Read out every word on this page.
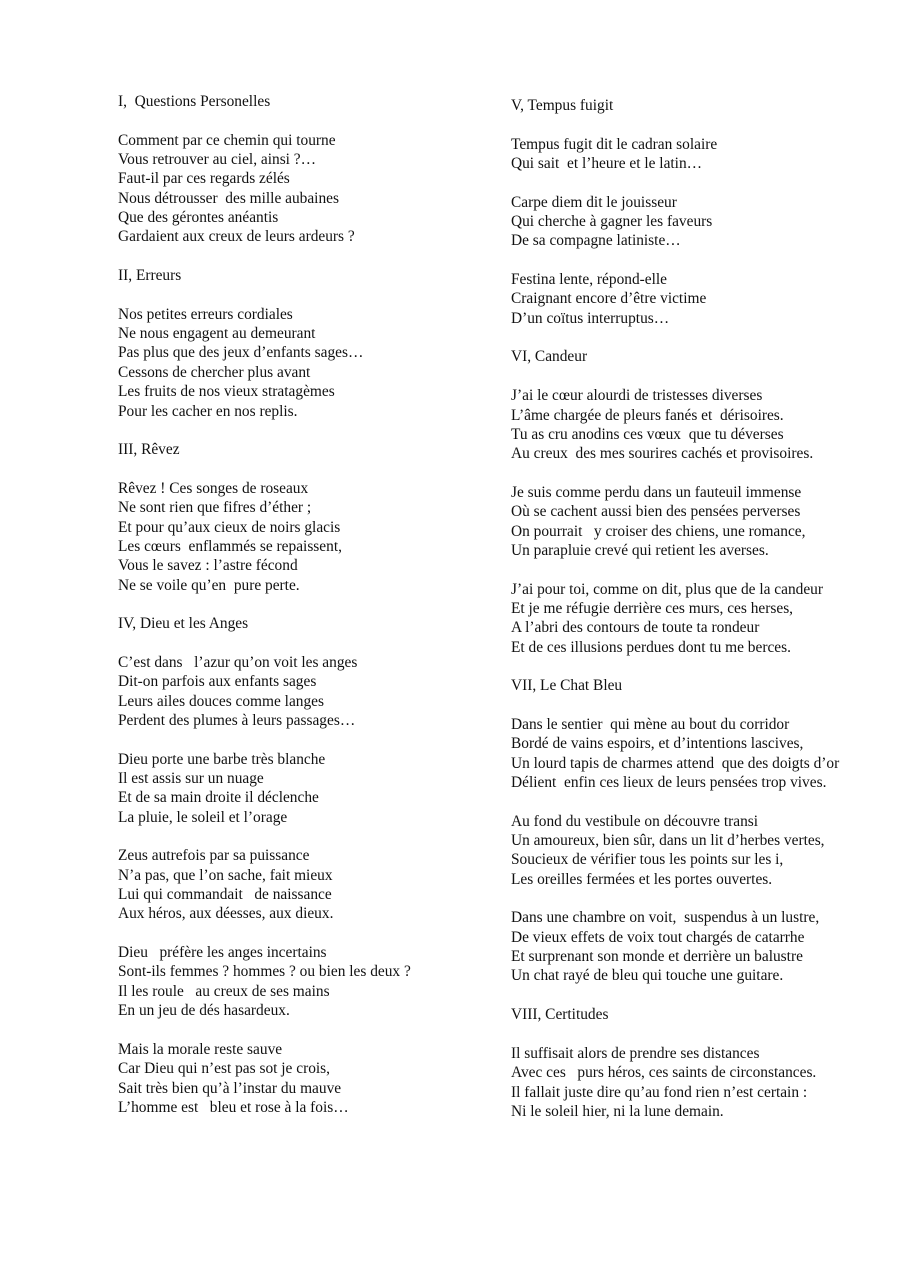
I,  Questions Personelles
Comment par ce chemin qui tourne
Vous retrouver au ciel, ainsi ?…
Faut-il par ces regards zélés
Nous détrousser  des mille aubaines
Que des gérontes anéantis
Gardaient aux creux de leurs ardeurs ?
II, Erreurs
Nos petites erreurs cordiales
Ne nous engagent au demeurant
Pas plus que des jeux d’enfants sages…
Cessons de chercher plus avant
Les fruits de nos vieux stratagèmes
Pour les cacher en nos replis.
III, Rêvez
Rêvez ! Ces songes de roseaux
Ne sont rien que fifres d’éther ;
Et pour qu’aux cieux de noirs glacis
Les cœurs  enflammés se repaissent,
Vous le savez : l’astre fécond
Ne se voile qu’en  pure perte.
IV, Dieu et les Anges
C’est dans   l’azur qu’on voit les anges
Dit-on parfois aux enfants sages
Leurs ailes douces comme langes
Perdent des plumes à leurs passages…
Dieu porte une barbe très blanche
Il est assis sur un nuage
Et de sa main droite il déclenche
La pluie, le soleil et l’orage
Zeus autrefois par sa puissance
N’a pas, que l’on sache, fait mieux
Lui qui commandait   de naissance
Aux héros, aux déesses, aux dieux.
Dieu   préfère les anges incertains
Sont-ils femmes ? hommes ? ou bien les deux ?
Il les roule   au creux de ses mains
En un jeu de dés hasardeux.
Mais la morale reste sauve
Car Dieu qui n’est pas sot je crois,
Sait très bien qu’à l’instar du mauve
L’homme est   bleu et rose à la fois…
V, Tempus fuigit
Tempus fugit dit le cadran solaire
Qui sait  et l’heure et le latin…
Carpe diem dit le jouisseur
Qui cherche à gagner les faveurs
De sa compagne latiniste…
Festina lente, répond-elle
Craignant encore d’être victime
D’un coïtus interruptus…
VI, Candeur
J’ai le cœur alourdi de tristesses diverses
L’âme chargée de pleurs fanés et  dérisoires.
Tu as cru anodins ces vœux  que tu déverses
Au creux  des mes sourires cachés et provisoires.
Je suis comme perdu dans un fauteuil immense
Où se cachent aussi bien des pensées perverses
On pourrait   y croiser des chiens, une romance,
Un parapluie crevé qui retient les averses.
J’ai pour toi, comme on dit, plus que de la candeur
Et je me réfugie derrière ces murs, ces herses,
A l’abri des contours de toute ta rondeur
Et de ces illusions perdues dont tu me berces.
VII, Le Chat Bleu
Dans le sentier  qui mène au bout du corridor
Bordé de vains espoirs, et d’intentions lascives,
Un lourd tapis de charmes attend  que des doigts d’or
Délient  enfin ces lieux de leurs pensées trop vives.
Au fond du vestibule on découvre transi
Un amoureux, bien sûr, dans un lit d’herbes vertes,
Soucieux de vérifier tous les points sur les i,
Les oreilles fermées et les portes ouvertes.
Dans une chambre on voit,  suspendus à un lustre,
De vieux effets de voix tout chargés de catarrhe
Et surprenant son monde et derrière un balustre
Un chat rayé de bleu qui touche une guitare.
VIII, Certitudes
Il suffisait alors de prendre ses distances
Avec ces   purs héros, ces saints de circonstances.
Il fallait juste dire qu’au fond rien n’est certain :
Ni le soleil hier, ni la lune demain.
